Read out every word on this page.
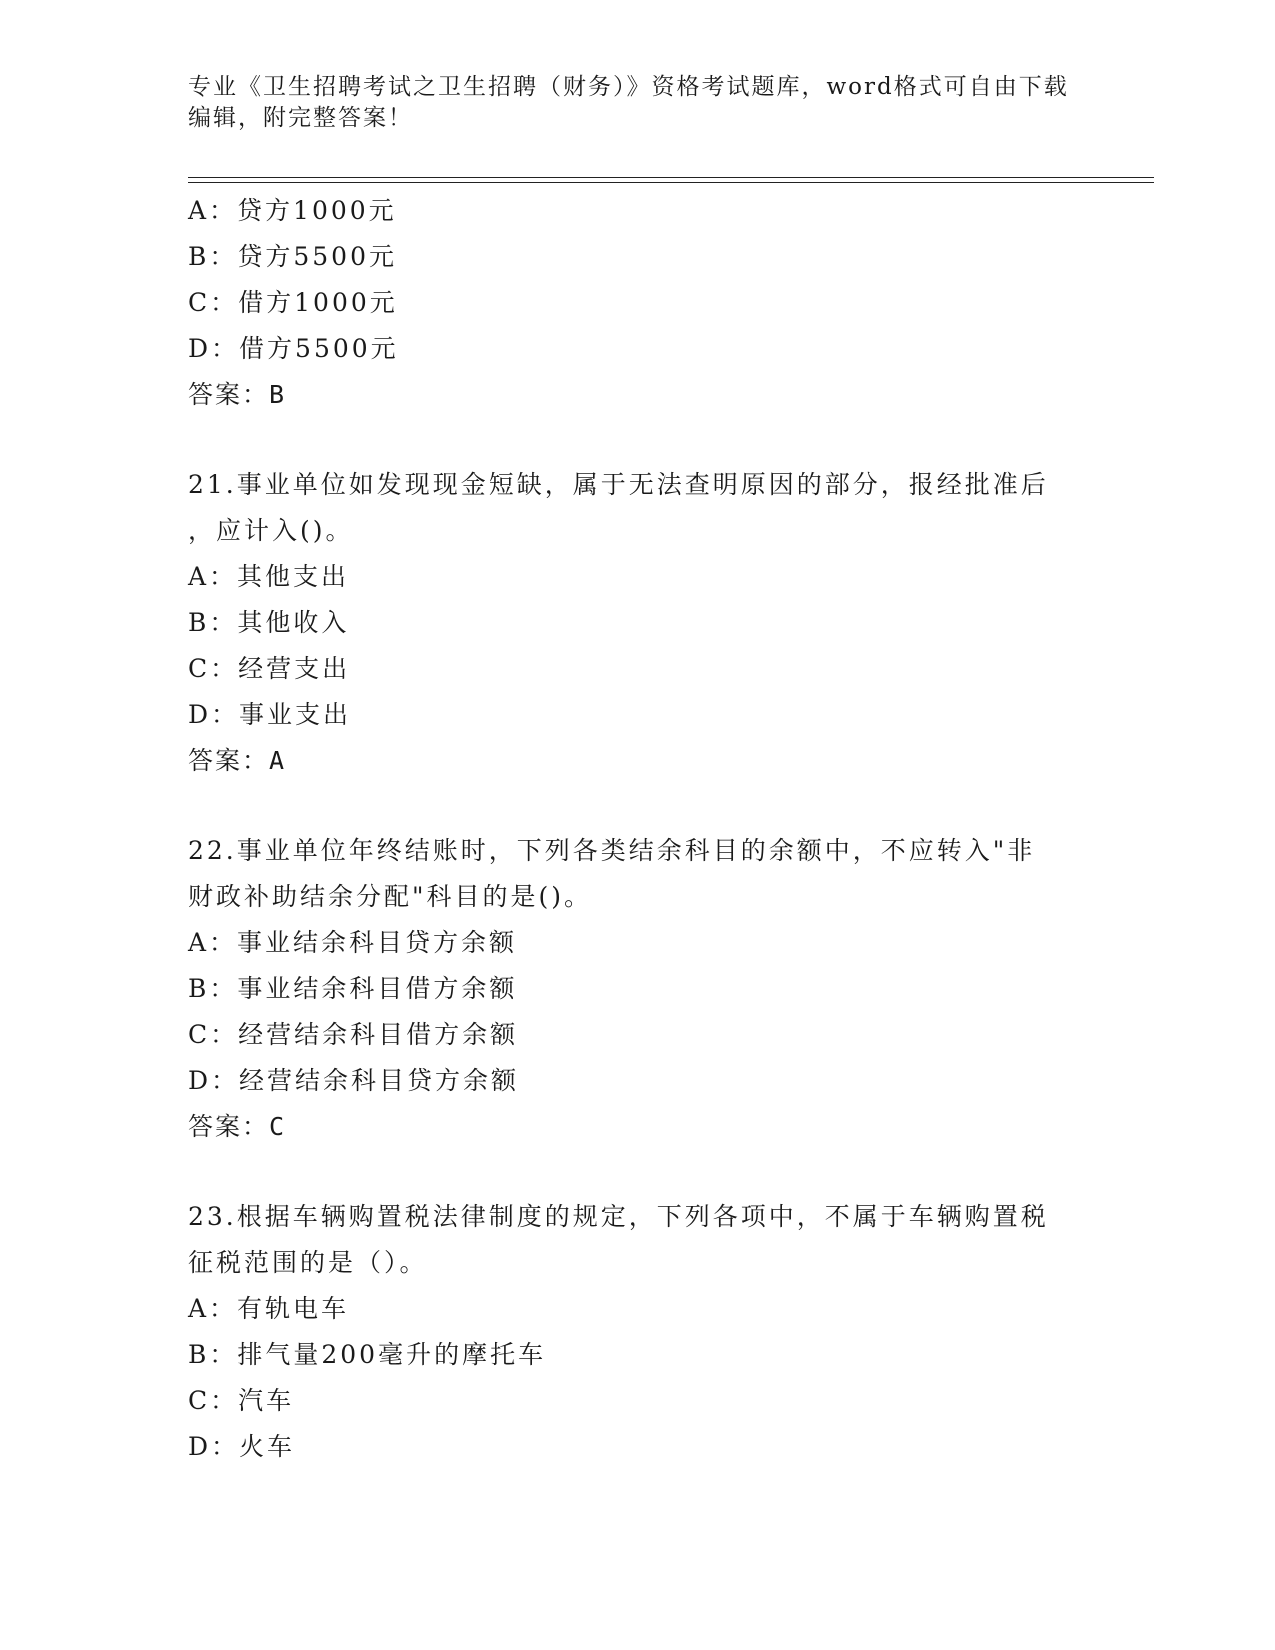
专业《卫生招聘考试之卫生招聘（财务）》资格考试题库，word格式可自由下载
编辑，附完整答案！
A：贷方1000元
B：贷方5500元
C：借方1000元
D：借方5500元
答案：B
21.事业单位如发现现金短缺，属于无法查明原因的部分，报经批准后
，应计入()。
A：其他支出
B：其他收入
C：经营支出
D：事业支出
答案：A
22.事业单位年终结账时，下列各类结余科目的余额中，不应转入"非
财政补助结余分配"科目的是()。
A：事业结余科目贷方余额
B：事业结余科目借方余额
C：经营结余科目借方余额
D：经营结余科目贷方余额
答案：C
23.根据车辆购置税法律制度的规定，下列各项中，不属于车辆购置税
征税范围的是（）。
A：有轨电车
B：排气量200毫升的摩托车
C：汽车
D：火车
